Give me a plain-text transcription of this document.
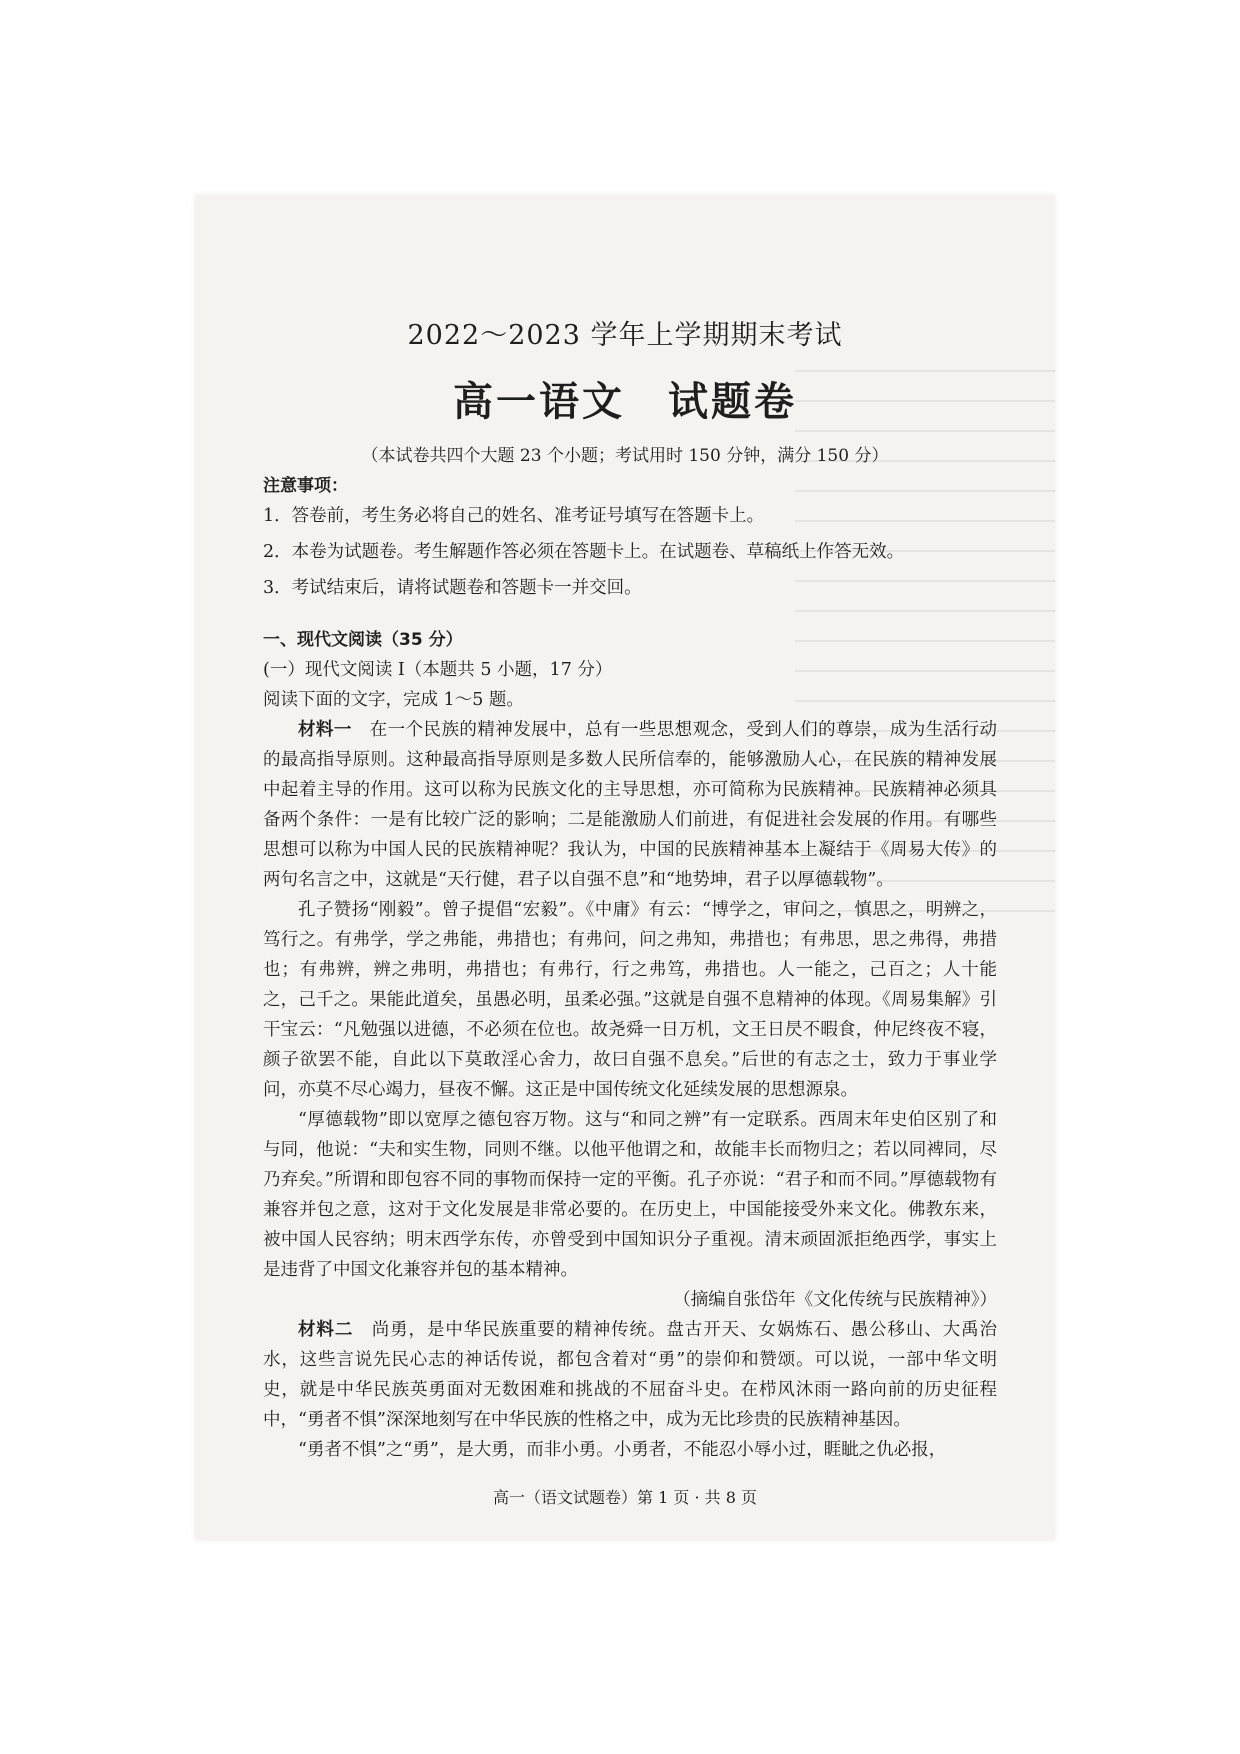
2022～2023 学年上学期期末考试
高一语文　试题卷
（本试卷共四个大题 23 个小题；考试用时 150 分钟，满分 150 分）
注意事项：

1．答卷前，考生务必将自己的姓名、准考证号填写在答题卡上。

2．本卷为试题卷。考生解题作答必须在答题卡上。在试题卷、草稿纸上作答无效。

3．考试结束后，请将试题卷和答题卡一并交回。

一、现代文阅读（35 分）
(一）现代文阅读 I（本题共 5 小题，17 分）
阅读下面的文字，完成 1～5 题。

材料一　 在一个民族的精神发展中，总有一些思想观念，受到人们的尊崇，成为生活行动的最高指导原则。这种最高指导原则是多数人民所信奉的，能够激励人心，在民族的精神发展中起着主导的作用。这可以称为民族文化的主导思想，亦可简称为民族精神。民族精神必须具备两个条件：一是有比较广泛的影响；二是能激励人们前进，有促进社会发展的作用。有哪些思想可以称为中国人民的民族精神呢？我认为，中国的民族精神基本上凝结于《周易大传》的两句名言之中，这就是“天行健，君子以自强不息”和“地势坤，君子以厚德载物”。

孔子赞扬“刚毅”。曾子提倡“宏毅”。《中庸》有云：“博学之，审问之，慎思之，明辨之，笃行之。有弗学，学之弗能，弗措也；有弗问，问之弗知，弗措也；有弗思，思之弗得，弗措也；有弗辨，辨之弗明，弗措也；有弗行，行之弗笃，弗措也。人一能之，己百之；人十能之，己千之。果能此道矣，虽愚必明，虽柔必强。”这就是自强不息精神的体现。《周易集解》引干宝云：“凡勉强以进德，不必须在位也。故尧舜一日万机，文王日昃不暇食，仲尼终夜不寝，颜子欲罢不能，自此以下莫敢淫心舍力，故曰自强不息矣。”后世的有志之士，致力于事业学问，亦莫不尽心竭力，昼夜不懈。这正是中国传统文化延续发展的思想源泉。

“厚德载物”即以宽厚之德包容万物。这与“和同之辨”有一定联系。西周末年史伯区别了和与同，他说：“夫和实生物，同则不继。以他平他谓之和，故能丰长而物归之；若以同裨同，尽乃弃矣。”所谓和即包容不同的事物而保持一定的平衡。孔子亦说：“君子和而不同。”厚德载物有兼容并包之意，这对于文化发展是非常必要的。在历史上，中国能接受外来文化。佛教东来，被中国人民容纳；明末西学东传，亦曾受到中国知识分子重视。清末顽固派拒绝西学，事实上是违背了中国文化兼容并包的基本精神。

（摘编自张岱年《文化传统与民族精神》）

材料二　 尚勇，是中华民族重要的精神传统。盘古开天、女娲炼石、愚公移山、大禹治水，这些言说先民心志的神话传说，都包含着对“勇”的崇仰和赞颂。可以说，一部中华文明史，就是中华民族英勇面对无数困难和挑战的不屈奋斗史。在栉风沐雨一路向前的历史征程中，“勇者不惧”深深地刻写在中华民族的性格之中，成为无比珍贵的民族精神基因。

“勇者不惧”之“勇”，是大勇，而非小勇。小勇者，不能忍小辱小过，睚眦之仇必报，

高一（语文试题卷）第 1 页 · 共 8 页
